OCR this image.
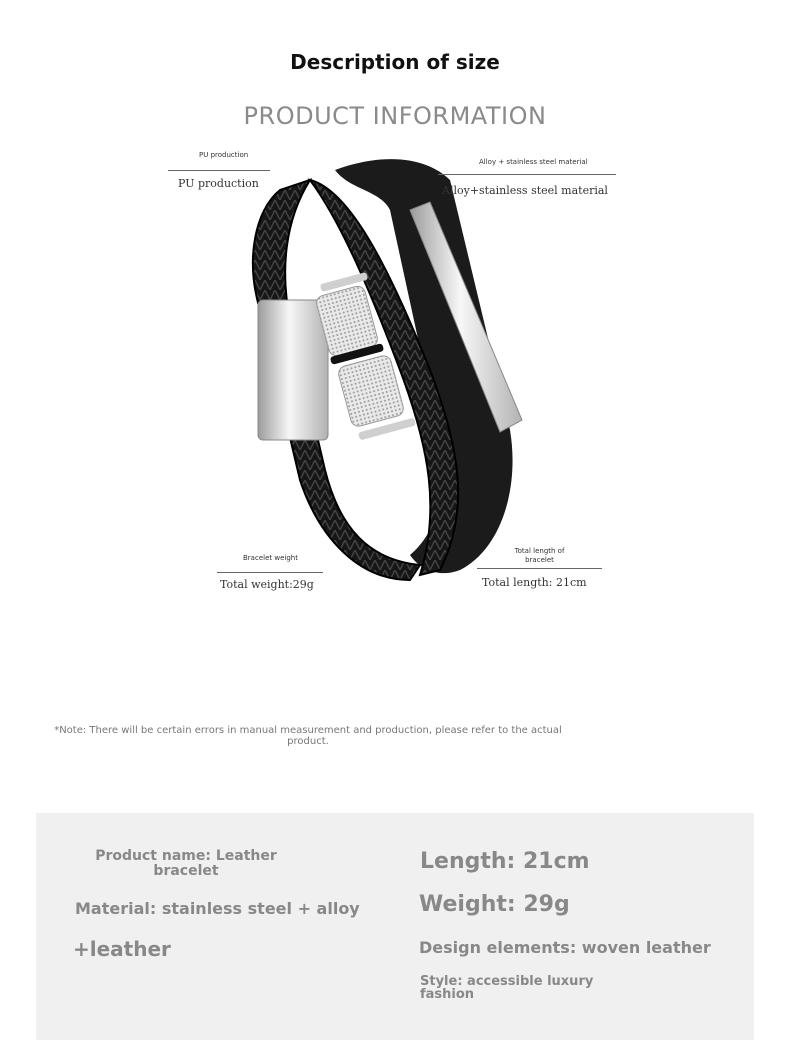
Description of size
PRODUCT INFORMATION
PU production
PU production
Alloy + stainless steel material
Alloy+stainless steel material
Bracelet weight
Total weight:29g
Total length of
bracelet
Total length: 21cm
*Note: There will be certain errors in manual measurement and production, please refer to the actual
product.
Product name: Leather
bracelet
Material: stainless steel + alloy
+leather
Length: 21cm
Weight: 29g
Design elements: woven leather
Style: accessible luxury
fashion
